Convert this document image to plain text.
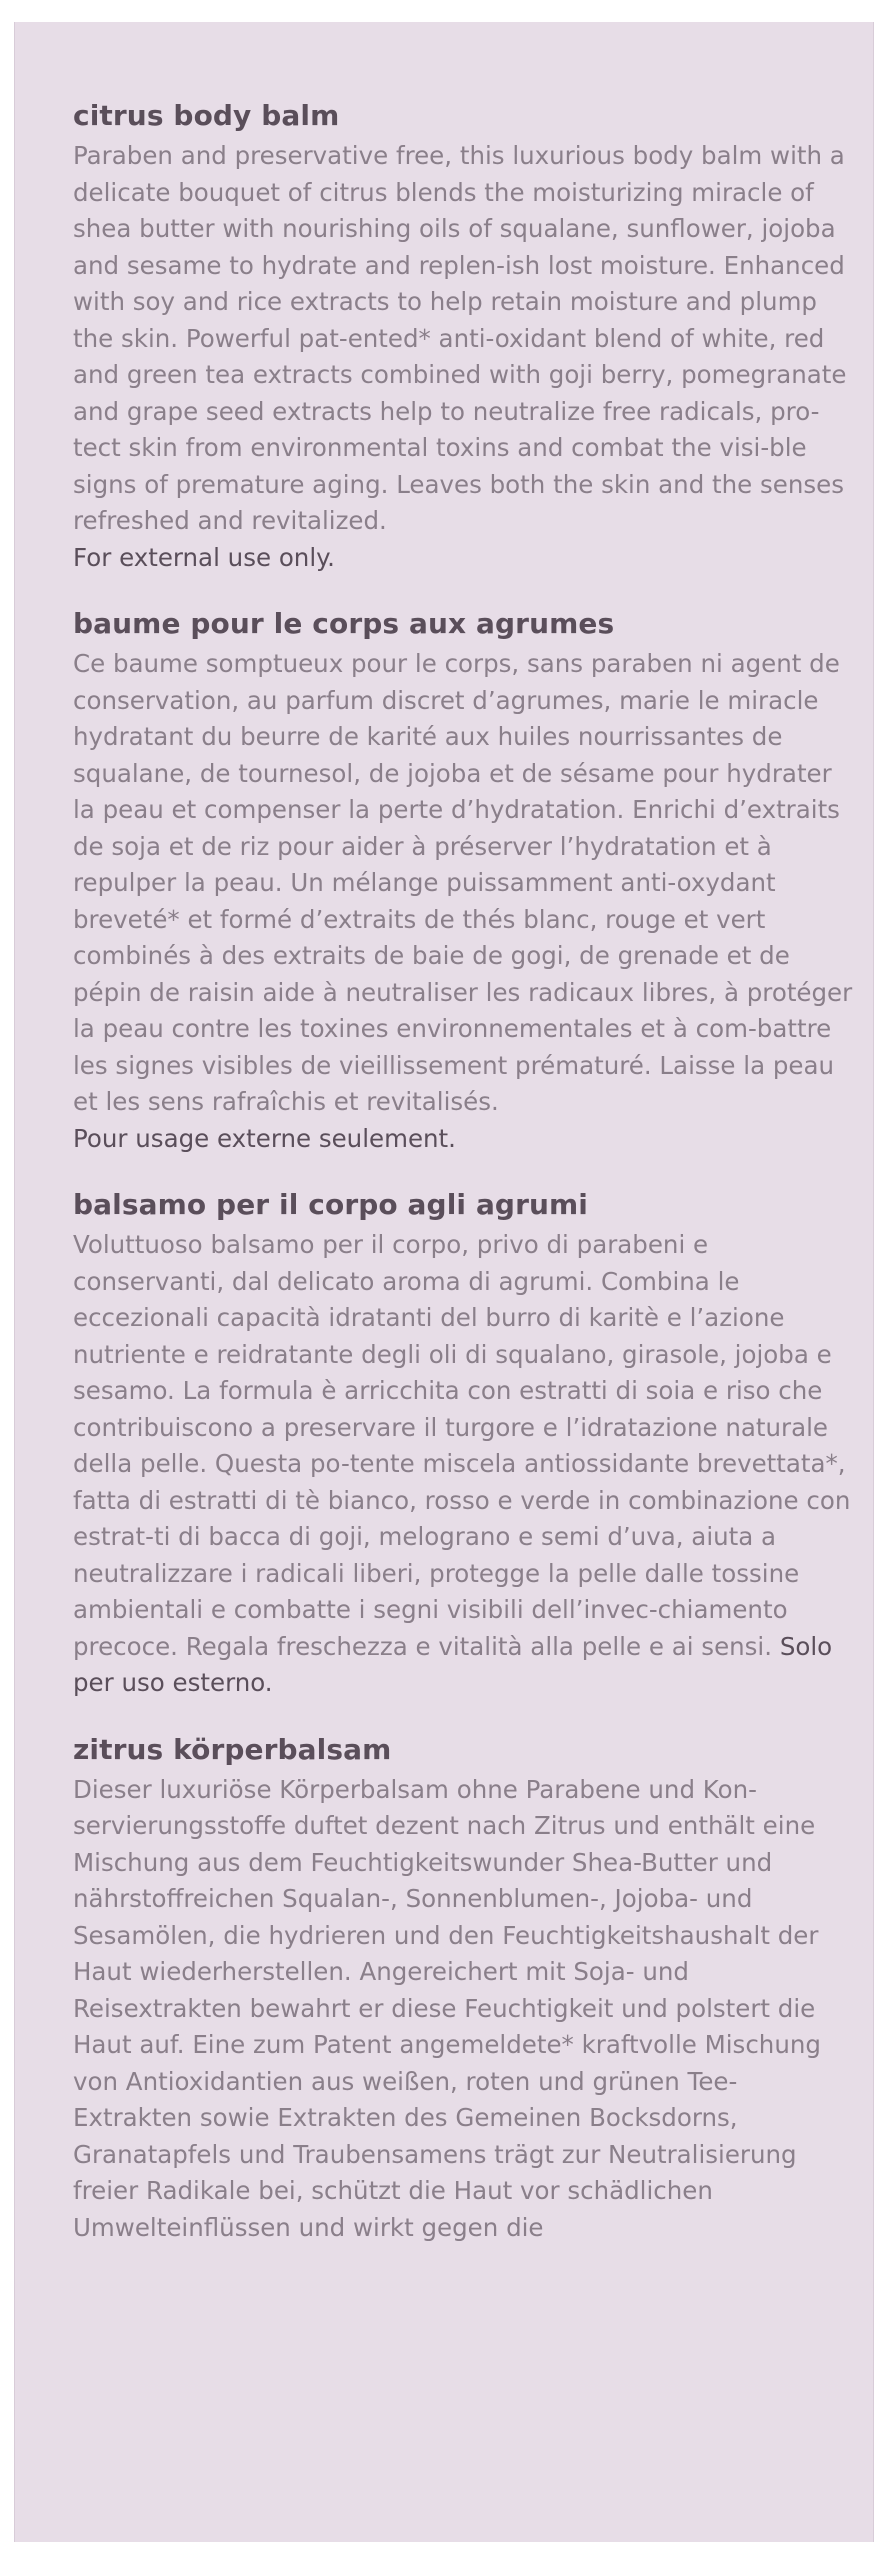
citrus body balm

Paraben and preservative free, this luxurious body balm with a delicate bouquet of citrus blends the moisturizing miracle of shea butter with nourishing oils of squalane, sunflower, jojoba and sesame to hydrate and replen-ish lost moisture. Enhanced with soy and rice extracts to help retain moisture and plump the skin. Powerful pat-ented* anti-oxidant blend of white, red and green tea extracts combined with goji berry, pomegranate and grape seed extracts help to neutralize free radicals, pro-tect skin from environmental toxins and combat the visi-ble signs of premature aging. Leaves both the skin and the senses refreshed and revitalized.

For external use only.

baume pour le corps aux agrumes

Ce baume somptueux pour le corps, sans paraben ni agent de conservation, au parfum discret d’agrumes, marie le miracle hydratant du beurre de karité aux huiles nourrissantes de squalane, de tournesol, de jojoba et de sésame pour hydrater la peau et compenser la perte d’hydratation. Enrichi d’extraits de soja et de riz pour aider à préserver l’hydratation et à repulper la peau. Un mélange puissamment anti-oxydant breveté* et formé d’extraits de thés blanc, rouge et vert combinés à des extraits de baie de gogi, de grenade et de pépin de raisin aide à neutraliser les radicaux libres, à protéger la peau contre les toxines environnementales et à com-battre les signes visibles de vieillissement prématuré. Laisse la peau et les sens rafraîchis et revitalisés.

Pour usage externe seulement.

balsamo per il corpo agli agrumi

Voluttuoso balsamo per il corpo, privo di parabeni e conservanti, dal delicato aroma di agrumi. Combina le eccezionali capacità idratanti del burro di karitè e l’azione nutriente e reidratante degli oli di squalano, girasole, jojoba e sesamo. La formula è arricchita con estratti di soia e riso che contribuiscono a preservare il turgore e l’idratazione naturale della pelle. Questa po-tente miscela antiossidante brevettata*, fatta di estratti di tè bianco, rosso e verde in combinazione con estrat-ti di bacca di goji, melograno e semi d’uva, aiuta a neutralizzare i radicali liberi, protegge la pelle dalle tossine ambientali e combatte i segni visibili dell’invec-chiamento precoce. Regala freschezza e vitalità alla pelle e ai sensi. Solo per uso esterno.

zitrus körperbalsam

Dieser luxuriöse Körperbalsam ohne Parabene und Kon-servierungsstoffe duftet dezent nach Zitrus und enthält eine Mischung aus dem Feuchtigkeitswunder Shea-Butter und nährstoffreichen Squalan-, Sonnenblumen-, Jojoba- und Sesamölen, die hydrieren und den Feuchtigkeitshaushalt der Haut wiederherstellen. Angereichert mit Soja- und Reisextrakten bewahrt er diese Feuchtigkeit und polstert die Haut auf. Eine zum Patent angemeldete* kraftvolle Mischung von Antioxidantien aus weißen, roten und grünen Tee-Extrakten sowie Extrakten des Gemeinen Bocksdorns, Granatapfels und Traubensamens trägt zur Neutralisierung freier Radikale bei, schützt die Haut vor schädlichen Umwelteinflüssen und wirkt gegen die
